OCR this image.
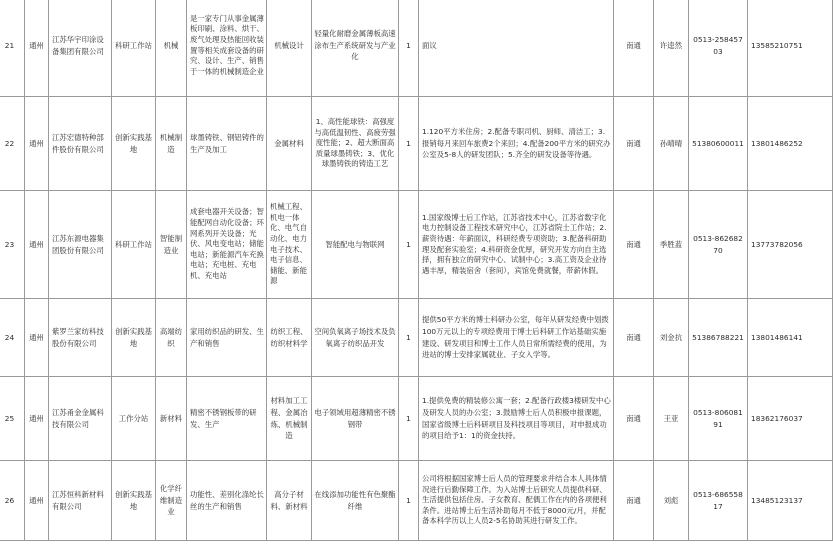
21	通州	江苏华宇印涂设备集团有限公司	科研工作站	机械	是一家专门从事金属薄板印刷、涂料、烘干、废气处理及热能回收装置等相关成套设备的研究、设计、生产、销售于一体的机械制造企业	机械设计	轻量化耐磨金属薄板高速涂布生产系统研发与产业化	1	面议	南通	许逵然	0513-25845703	13585210751
22	通州	江苏宏德特种部件股份有限公司	创新实践基地	机械制造	球墨铸铁、钢铝铸件的生产及加工	金属材料	1、高性能球铁：高强度与高低温韧性、高疲劳强度性能；2、超大断面高质量球墨铸铁；3、优化球墨铸铁的铸造工艺	1	1.120平方米住房；2.配备专职司机、厨师、清洁工；3.报销每月来回车旅费2个来回；4.配备200平方米的研究办公室及5-8人的研发团队；5.齐全的研发设备等待遇。	南通	孙晴晴	51380600011	13801486252
23	通州	江苏东源电器集团股份有限公司	科研工作站	智能制造业	成套电器开关设备；智能配网自动化设备；环网系列开关设备；光伏、风电变电站；储能电站；新能源汽车充换电站；充电桩、充电机、充电站	机械工程、机电一体化、电气自动化、电力电子技术、电子信息、储能、新能源	智能配电与物联网	1	1.国家级博士后工作站，江苏省技术中心，江苏省数字化电力控制设备工程技术研究中心，江苏省院士工作站；2.薪资待遇：年薪面议，科研经费专项资助；3.配备科研助理及配套实验室；4.科研资金优厚，研究开发方向自主选择，拥有独立的研究中心、试制中心；3.高工资及企业待遇丰厚，精装宿舍（套间），宾馆免费就餐，带薪休假。	南通	季胜蓝	0513-86268270	13773782056
24	通州	紫罗兰家纺科技股份有限公司	创新实践基地	高端纺织	家用纺织品的研发、生产和销售	纺织工程、纺织材料学	空间负氧离子场技术及负氧离子纺织品开发	1	提供50平方米的博士科研办公室，每年从研发经费中划拨100万元以上的专项经费用于博士后科研工作站基础实施建设、研发项目和博士工作人员日常所需经费的使用，为进站的博士安排家属就业、子女入学等。	南通	刘金抗	51386788221	13801486141
25	通州	江苏甬金金属科技有限公司	工作分站	新材料	精密不锈钢板带的研发、生产	材料加工工程、金属冶炼、机械制造	电子领域用超薄精密不锈钢带	1	1.提供免费的精装修公寓一套；2.配备行政楼3楼研发中心及研发人员的办公室；3.鼓励博士后人员积极申报课题，国家省级博士后科研项目及科技项目等项目，对申报成功的项目给予1：1的资金扶持。	南通	王亚	0513-80608191	18362176037
26	通州	江苏恒科新材料有限公司	创新实践基地	化学纤维制造业	功能性、差别化涤纶长丝的生产和销售	高分子材料、新材料	在线添加功能性有色聚酯纤维	1	公司将根据国家博士后人员的管理要求并结合本人具体情况进行后勤保障工作。为入站博士后研究人员提供科研、生活提供包括住房、子女教育、配偶工作在内的各项便利条件。进站博士后生活补助每月不低于8000元/月，并配备本科学历以上人员2-5名协助其进行研发工作。	南通	刘彪	0513-68655817	13485123137
